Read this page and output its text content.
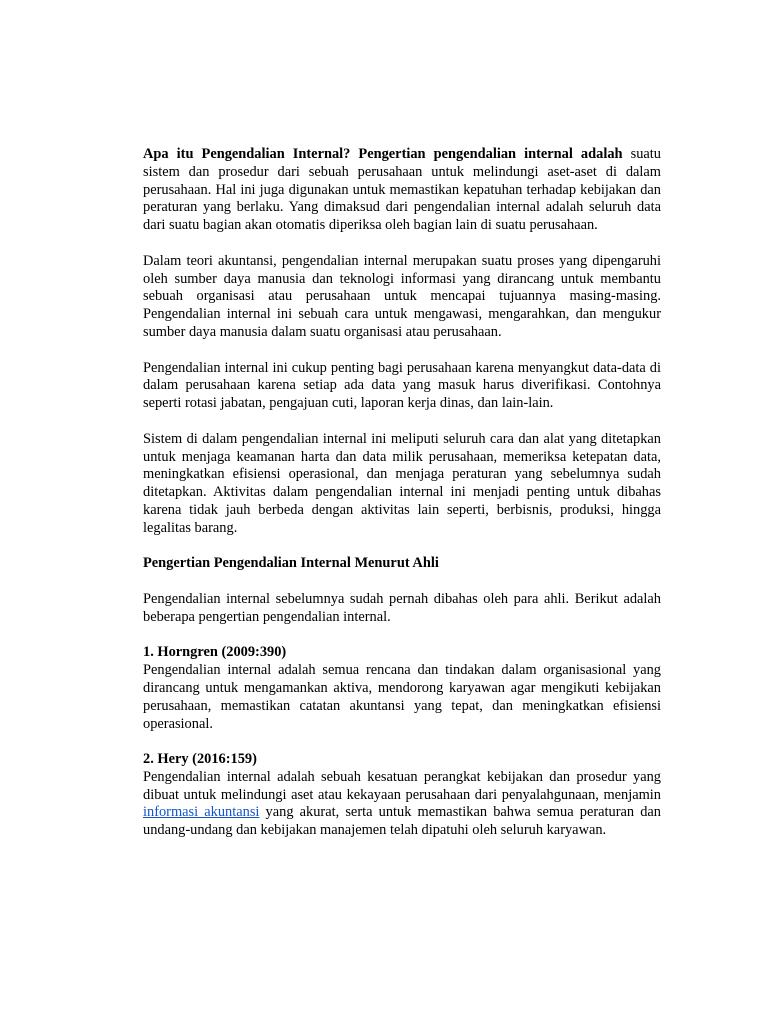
Apa itu Pengendalian Internal? Pengertian pengendalian internal adalah suatu sistem dan prosedur dari sebuah perusahaan untuk melindungi aset-aset di dalam perusahaan. Hal ini juga digunakan untuk memastikan kepatuhan terhadap kebijakan dan peraturan yang berlaku. Yang dimaksud dari pengendalian internal adalah seluruh data dari suatu bagian akan otomatis diperiksa oleh bagian lain di suatu perusahaan.

Dalam teori akuntansi, pengendalian internal merupakan suatu proses yang dipengaruhi oleh sumber daya manusia dan teknologi informasi yang dirancang untuk membantu sebuah organisasi atau perusahaan untuk mencapai tujuannya masing-masing. Pengendalian internal ini sebuah cara untuk mengawasi, mengarahkan, dan mengukur sumber daya manusia dalam suatu organisasi atau perusahaan.

Pengendalian internal ini cukup penting bagi perusahaan karena menyangkut data-data di dalam perusahaan karena setiap ada data yang masuk harus diverifikasi. Contohnya seperti rotasi jabatan, pengajuan cuti, laporan kerja dinas, dan lain-lain.

Sistem di dalam pengendalian internal ini meliputi seluruh cara dan alat yang ditetapkan untuk menjaga keamanan harta dan data milik perusahaan, memeriksa ketepatan data, meningkatkan efisiensi operasional, dan menjaga peraturan yang sebelumnya sudah ditetapkan. Aktivitas dalam pengendalian internal ini menjadi penting untuk dibahas karena tidak jauh berbeda dengan aktivitas lain seperti, berbisnis, produksi, hingga legalitas barang.

Pengertian Pengendalian Internal Menurut Ahli

Pengendalian internal sebelumnya sudah pernah dibahas oleh para ahli. Berikut adalah beberapa pengertian pengendalian internal.

1. Horngren (2009:390)

Pengendalian internal adalah semua rencana dan tindakan dalam organisasional yang dirancang untuk mengamankan aktiva, mendorong karyawan agar mengikuti kebijakan perusahaan, memastikan catatan akuntansi yang tepat, dan meningkatkan efisiensi operasional.

2. Hery (2016:159)

Pengendalian internal adalah sebuah kesatuan perangkat kebijakan dan prosedur yang dibuat untuk melindungi aset atau kekayaan perusahaan dari penyalahgunaan, menjamin informasi akuntansi yang akurat, serta untuk memastikan bahwa semua peraturan dan undang-undang dan kebijakan manajemen telah dipatuhi oleh seluruh karyawan.
